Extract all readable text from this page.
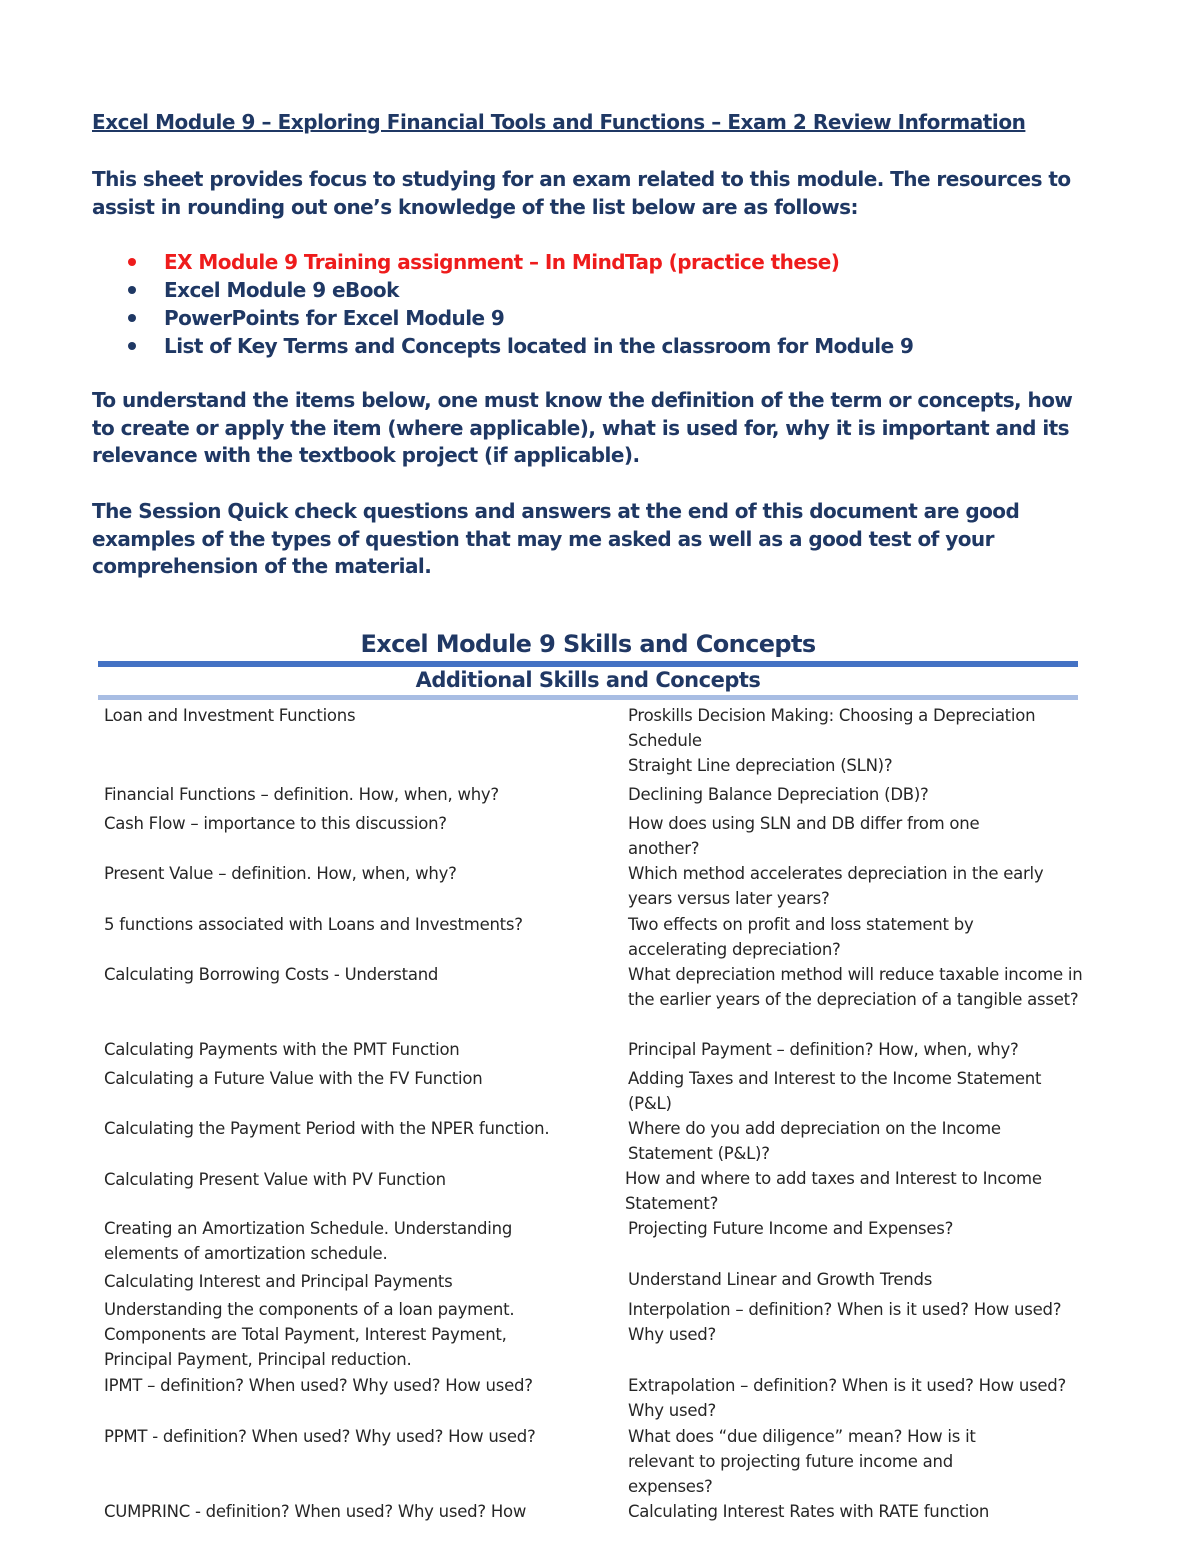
Excel Module 9 – Exploring Financial Tools and Functions – Exam 2 Review Information

This sheet provides focus to studying for an exam related to this module. The resources to assist in rounding out one’s knowledge of the list below are as follows:

EX Module 9 Training assignment – In MindTap (practice these)
Excel Module 9 eBook
PowerPoints for Excel Module 9
List of Key Terms and Concepts located in the classroom for Module 9

To understand the items below, one must know the definition of the term or concepts, how to create or apply the item (where applicable), what is used for, why it is important and its relevance with the textbook project (if applicable).

The Session Quick check questions and answers at the end of this document are good examples of the types of question that may me asked as well as a good test of your comprehension of the material.

Excel Module 9 Skills and Concepts
Additional Skills and Concepts
Loan and Investment Functions
Financial Functions – definition. How, when, why?
Cash Flow – importance to this discussion?
Present Value – definition. How, when, why?
5 functions associated with Loans and Investments?
Calculating Borrowing Costs - Understand
Calculating Payments with the PMT Function
Calculating a Future Value with the FV Function
Calculating the Payment Period with the NPER function.
Calculating Present Value with PV Function
Creating an Amortization Schedule. Understanding elements of amortization schedule.
Calculating Interest and Principal Payments
Understanding the components of a loan payment. Components are Total Payment, Interest Payment, Principal Payment, Principal reduction.
IPMT – definition? When used? Why used? How used?
PPMT - definition? When used? Why used? How used?
CUMPRINC - definition? When used? Why used? How
Proskills Decision Making: Choosing a Depreciation Schedule
Straight Line depreciation (SLN)?
Declining Balance Depreciation (DB)?
How does using SLN and DB differ from one another?
Which method accelerates depreciation in the early years versus later years?
Two effects on profit and loss statement by accelerating depreciation?
What depreciation method will reduce taxable income in the earlier years of the depreciation of a tangible asset?
Principal Payment – definition? How, when, why?
Adding Taxes and Interest to the Income Statement (P&L)
Where do you add depreciation on the Income Statement (P&L)?
How and where to add taxes and Interest to Income Statement?
Projecting Future Income and Expenses?
Understand Linear and Growth Trends
Interpolation – definition? When is it used? How used? Why used?
Extrapolation – definition? When is it used? How used? Why used?
What does “due diligence” mean? How is it relevant to projecting future income and expenses?
Calculating Interest Rates with RATE function
